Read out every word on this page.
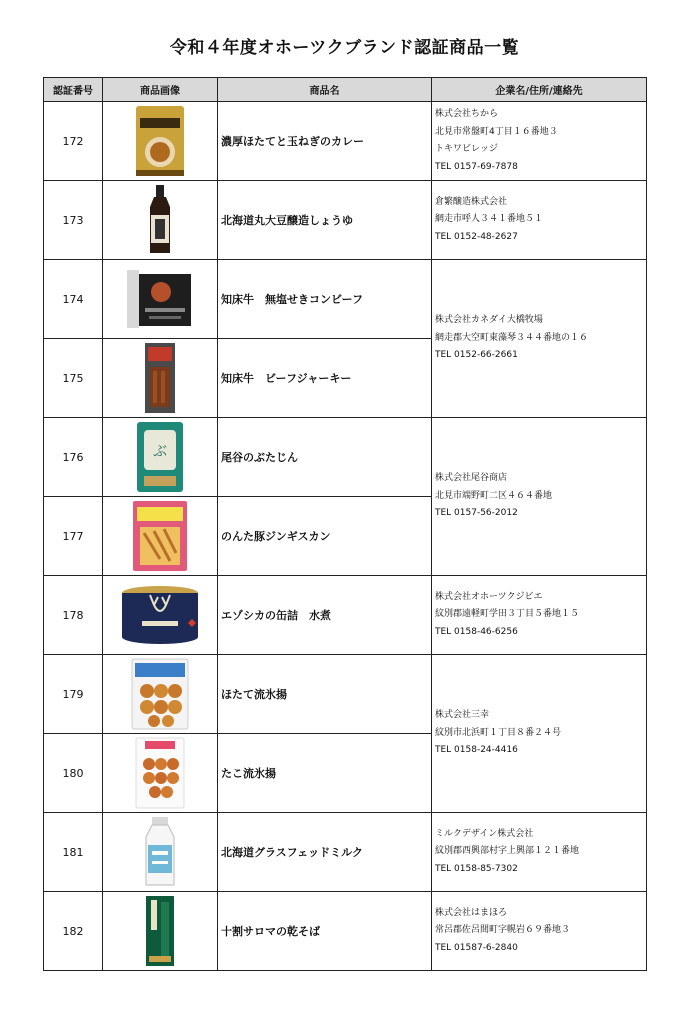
令和４年度オホーツクブランド認証商品一覧
認証番号	商品画像	商品名	企業名/住所/連絡先
172		濃厚ほたてと玉ねぎのカレー	株式会社ちから
北見市常盤町4丁目１６番地３
トキワビレッジ
TEL 0157-69-7878

173		北海道丸大豆醸造しょうゆ	倉繁醸造株式会社
網走市呼人３４１番地５１
TEL 0152-48-2627

174		知床牛　無塩せきコンビーフ	株式会社カネダイ大橋牧場
網走郡大空町東藻琴３４４番地の１６
TEL 0152-66-2661

175		知床牛　ビーフジャーキー	
176	ぶ	尾谷のぶたじん	株式会社尾谷商店
北見市端野町二区４６４番地
TEL 0157-56-2012

177		のんた豚ジンギスカン	
178		エゾシカの缶詰　水煮	株式会社オホーツクジビエ
紋別郡遠軽町学田３丁目５番地１５
TEL 0158-46-6256

179		ほたて流氷揚	株式会社三幸
紋別市北浜町１丁目８番２４号
TEL 0158-24-4416

180		たこ流氷揚	
181		北海道グラスフェッドミルク	ミルクデザイン株式会社
紋別郡西興部村字上興部１２１番地
TEL 0158-85-7302

182		十割サロマの乾そば	株式会社はまほろ
常呂郡佐呂間町字幌岩６９番地３
TEL 01587-6-2840
